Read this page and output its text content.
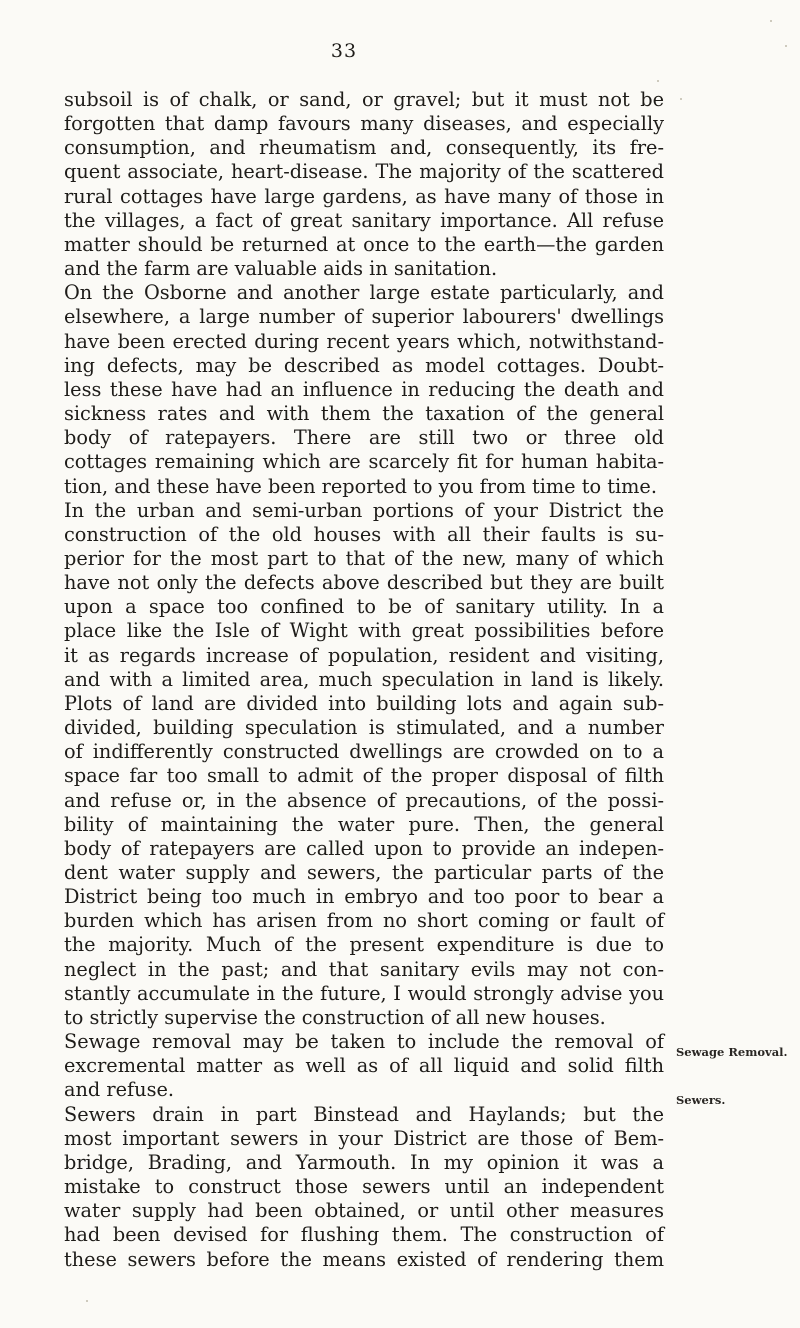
33
subsoil is of chalk, or sand, or gravel; but it must not be
forgotten that damp favours many diseases, and especially
consumption, and rheumatism and, consequently, its fre-
quent associate, heart-disease. The majority of the scattered
rural cottages have large gardens, as have many of those in
the villages, a fact of great sanitary importance. All refuse
matter should be returned at once to the earth—the garden
and the farm are valuable aids in sanitation.
On the Osborne and another large estate particularly, and
elsewhere, a large number of superior labourers' dwellings
have been erected during recent years which, notwithstand-
ing defects, may be described as model cottages. Doubt-
less these have had an influence in reducing the death and
sickness rates and with them the taxation of the general
body of ratepayers. There are still two or three old
cottages remaining which are scarcely fit for human habita-
tion, and these have been reported to you from time to time.
In the urban and semi-urban portions of your District the
construction of the old houses with all their faults is su-
perior for the most part to that of the new, many of which
have not only the defects above described but they are built
upon a space too confined to be of sanitary utility. In a
place like the Isle of Wight with great possibilities before
it as regards increase of population, resident and visiting,
and with a limited area, much speculation in land is likely.
Plots of land are divided into building lots and again sub-
divided, building speculation is stimulated, and a number
of indifferently constructed dwellings are crowded on to a
space far too small to admit of the proper disposal of filth
and refuse or, in the absence of precautions, of the possi-
bility of maintaining the water pure. Then, the general
body of ratepayers are called upon to provide an indepen-
dent water supply and sewers, the particular parts of the
District being too much in embryo and too poor to bear a
burden which has arisen from no short coming or fault of
the majority. Much of the present expenditure is due to
neglect in the past; and that sanitary evils may not con-
stantly accumulate in the future, I would strongly advise you
to strictly supervise the construction of all new houses.
Sewage removal may be taken to include the removal of
excremental matter as well as of all liquid and solid filth
and refuse.
Sewers drain in part Binstead and Haylands; but the
most important sewers in your District are those of Bem-
bridge, Brading, and Yarmouth. In my opinion it was a
mistake to construct those sewers until an independent
water supply had been obtained, or until other measures
had been devised for flushing them. The construction of
these sewers before the means existed of rendering them
Sewage Removal.
Sewers.
